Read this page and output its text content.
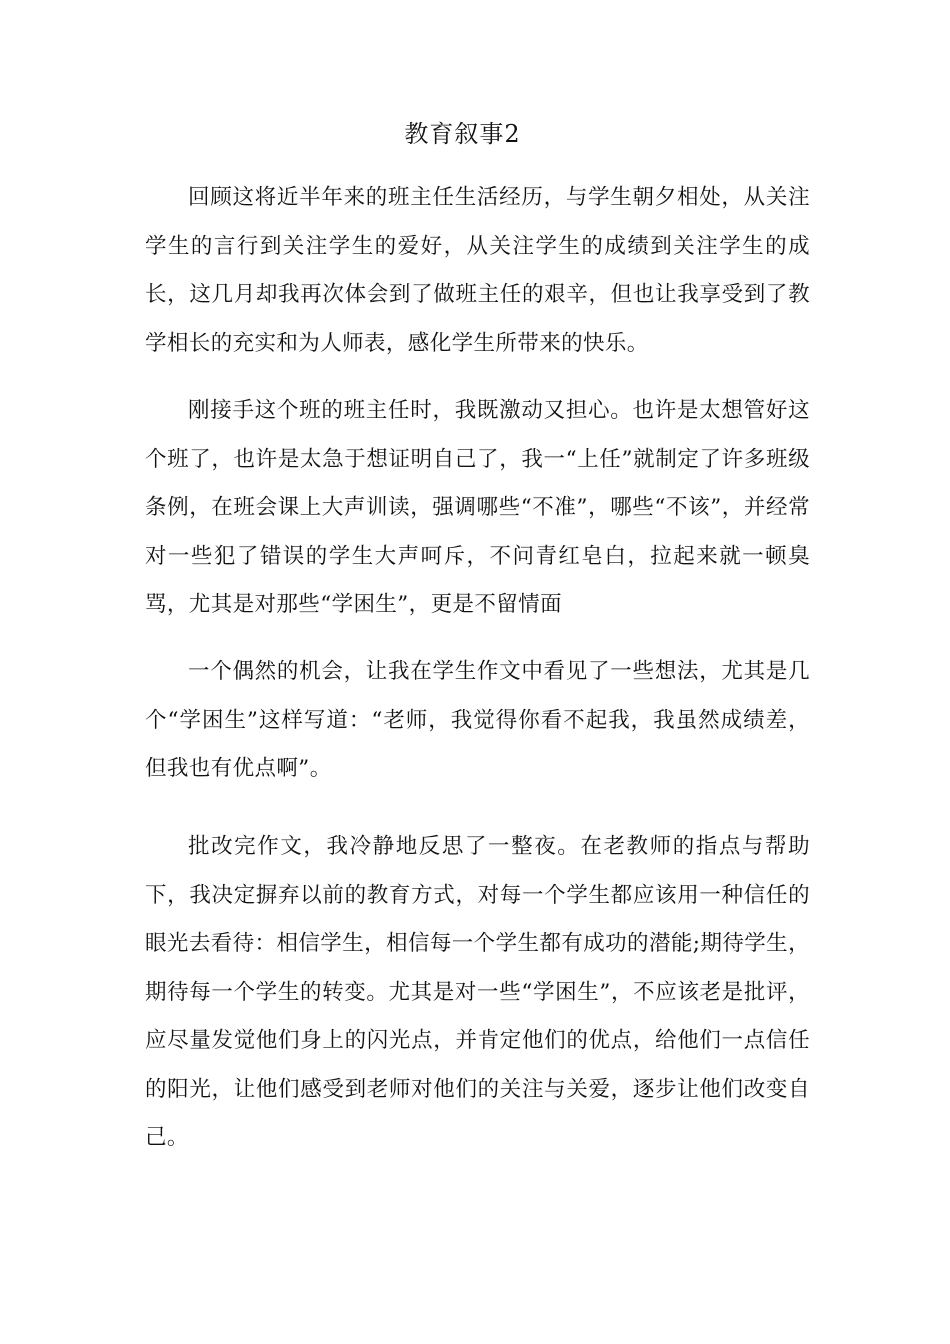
教育叙事2

回顾这将近半年来的班主任生活经历，与学生朝夕相处，从关注学生的言行到关注学生的爱好，从关注学生的成绩到关注学生的成长，这几月却我再次体会到了做班主任的艰辛，但也让我享受到了教学相长的充实和为人师表，感化学生所带来的快乐。

刚接手这个班的班主任时，我既激动又担心。也许是太想管好这个班了，也许是太急于想证明自己了，我一“上任”就制定了许多班级条例，在班会课上大声训读，强调哪些“不准”，哪些“不该”，并经常对一些犯了错误的学生大声呵斥，不问青红皂白，拉起来就一顿臭骂，尤其是对那些“学困生”，更是不留情面

一个偶然的机会，让我在学生作文中看见了一些想法，尤其是几个“学困生”这样写道：“老师，我觉得你看不起我，我虽然成绩差，但我也有优点啊”。

批改完作文，我冷静地反思了一整夜。在老教师的指点与帮助下，我决定摒弃以前的教育方式，对每一个学生都应该用一种信任的眼光去看待：相信学生，相信每一个学生都有成功的潜能;期待学生，期待每一个学生的转变。尤其是对一些“学困生”，不应该老是批评，应尽量发觉他们身上的闪光点，并肯定他们的优点，给他们一点信任的阳光，让他们感受到老师对他们的关注与关爱，逐步让他们改变自己。
